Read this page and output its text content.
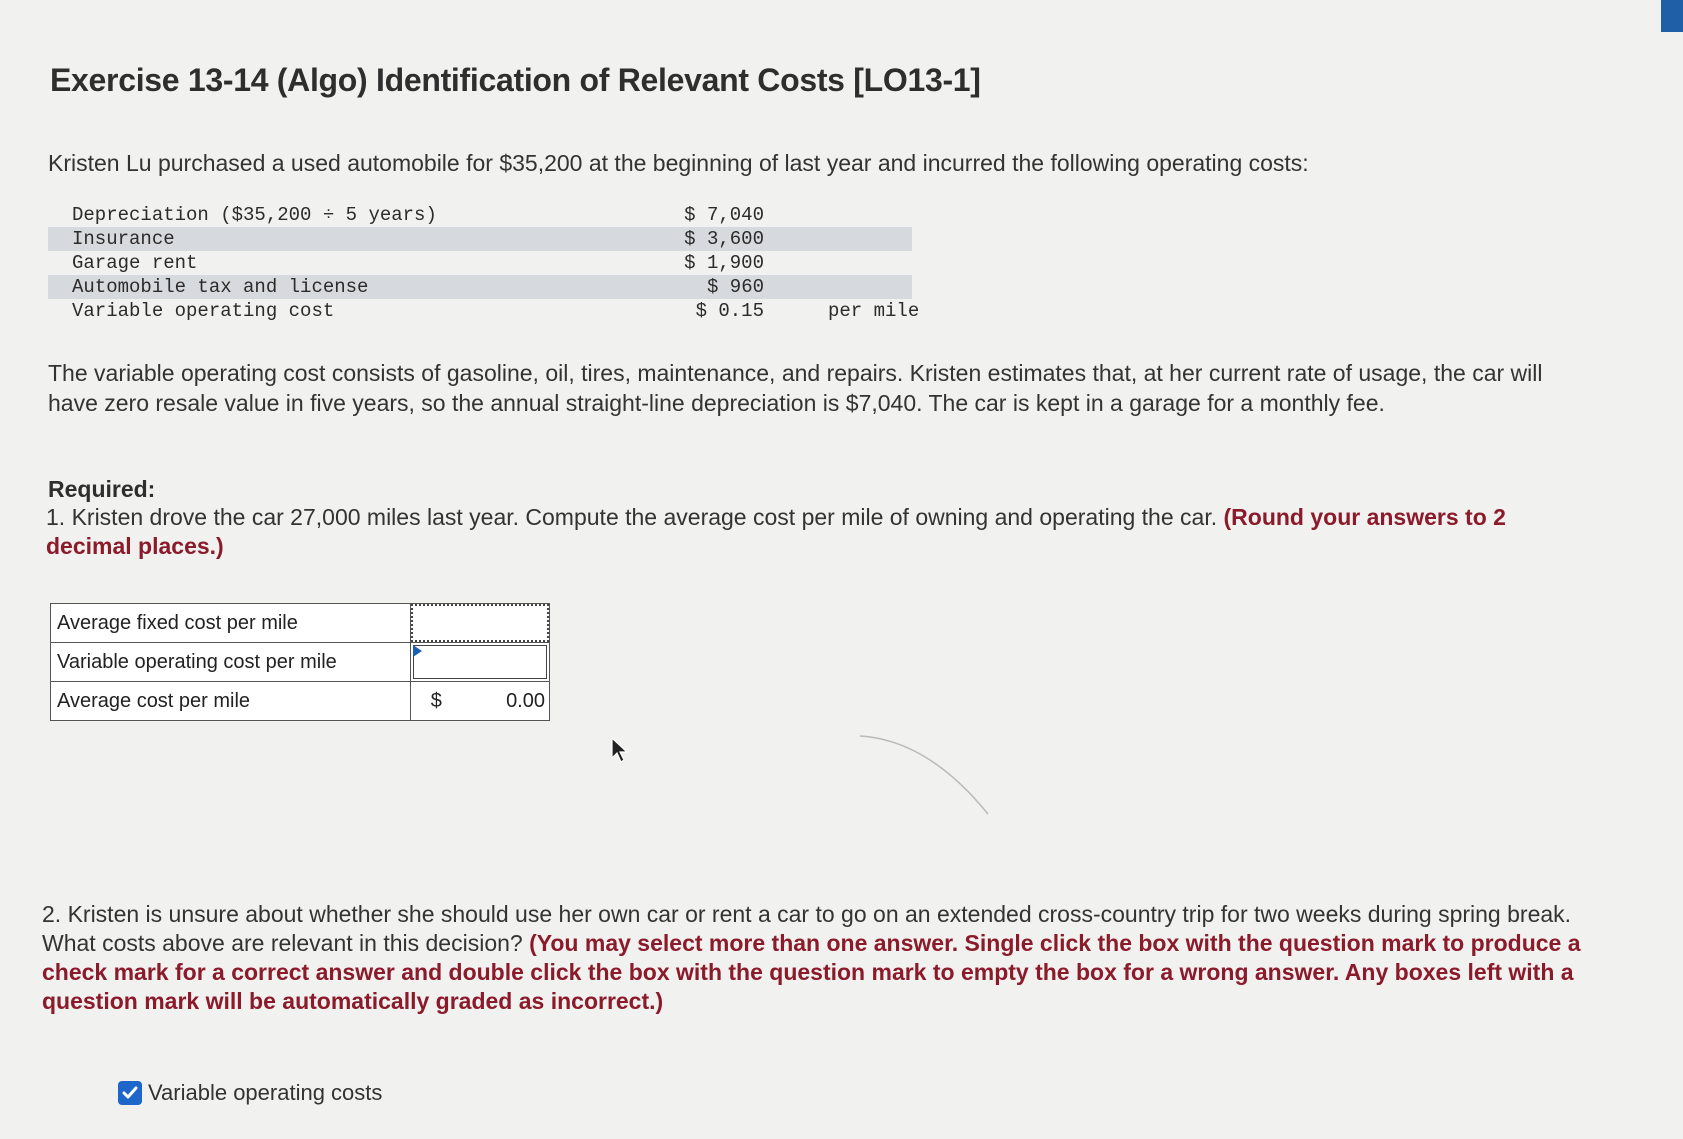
Exercise 13-14 (Algo) Identification of Relevant Costs [LO13-1]
Kristen Lu purchased a used automobile for $35,200 at the beginning of last year and incurred the following operating costs:
Depreciation ($35,200 ÷ 5 years)	$ 7,040
Insurance	$ 3,600
Garage rent	$ 1,900
Automobile tax and license	$ 960
Variable operating cost	$ 0.15	per mile
The variable operating cost consists of gasoline, oil, tires, maintenance, and repairs. Kristen estimates that, at her current rate of usage, the car will have zero resale value in five years, so the annual straight-line depreciation is $7,040. The car is kept in a garage for a monthly fee.
Required:
1. Kristen drove the car 27,000 miles last year. Compute the average cost per mile of owning and operating the car. (Round your answers to 2 decimal places.)
Average fixed cost per mile	

Variable operating cost per mile	

Average cost per mile	$ 0.00
2. Kristen is unsure about whether she should use her own car or rent a car to go on an extended cross-country trip for two weeks during spring break. What costs above are relevant in this decision? (You may select more than one answer. Single click the box with the question mark to produce a check mark for a correct answer and double click the box with the question mark to empty the box for a wrong answer. Any boxes left with a question mark will be automatically graded as incorrect.)
Variable operating costs
